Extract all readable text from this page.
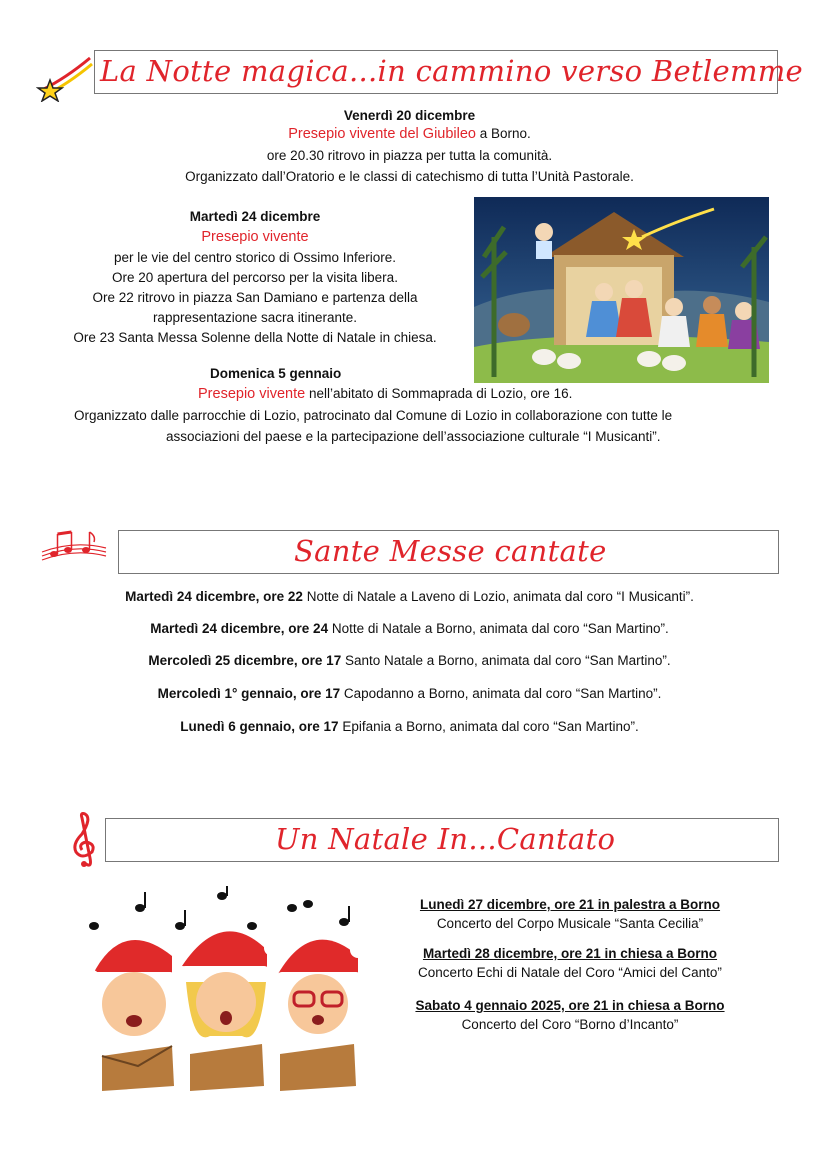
La Notte magica...in cammino verso Betlemme
Venerdì 20 dicembre
Presepio vivente del Giubileo a Borno.
ore 20.30 ritrovo in piazza per tutta la comunità.
Organizzato dall’Oratorio e le classi di catechismo di tutta l’Unità Pastorale.
Martedì 24 dicembre
Presepio vivente
per le vie del centro storico di Ossimo Inferiore.
Ore 20 apertura del percorso per la visita libera.
Ore 22 ritrovo in piazza San Damiano e partenza della
rappresentazione sacra itinerante.
Ore 23 Santa Messa Solenne della Notte di Natale in chiesa.
Domenica 5 gennaio
Presepio vivente nell’abitato di Sommaprada di Lozio, ore 16.
Organizzato dalle parrocchie di Lozio, patrocinato dal Comune di Lozio in collaborazione con tutte le
associazioni del paese e la partecipazione dell’associazione culturale “I Musicanti”.
Sante Messe cantate
Martedì 24 dicembre, ore 22 Notte di Natale a Laveno di Lozio, animata dal coro “I Musicanti”.
Martedì 24 dicembre, ore 24 Notte di Natale a Borno, animata dal coro “San Martino”.
Mercoledì 25 dicembre, ore 17 Santo Natale a Borno, animata dal coro “San Martino”.
Mercoledì 1° gennaio, ore 17 Capodanno a Borno, animata dal coro “San Martino”.
Lunedì 6 gennaio, ore 17 Epifania a Borno, animata dal coro “San Martino”.
Un Natale In...Cantato
Lunedì 27 dicembre, ore 21 in palestra a Borno
Concerto del Corpo Musicale “Santa Cecilia”
Martedì 28 dicembre, ore 21 in chiesa a Borno
Concerto Echi di Natale del Coro “Amici del Canto”
Sabato 4 gennaio 2025, ore 21 in chiesa a Borno
Concerto del Coro “Borno d’Incanto”
